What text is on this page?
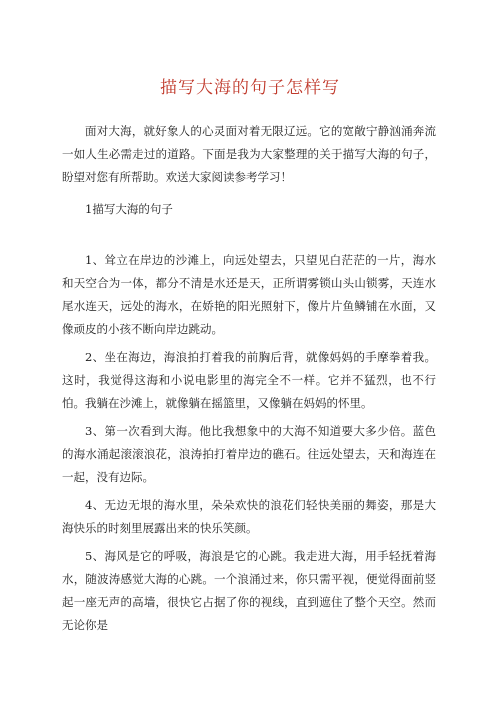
描写大海的句子怎样写

面对大海，就好象人的心灵面对着无限辽远。它的宽敞宁静汹涌奔流一如人生必需走过的道路。下面是我为大家整理的关于描写大海的句子，盼望对您有所帮助。欢送大家阅读参考学习！

1描写大海的句子

1、耸立在岸边的沙滩上，向远处望去，只望见白茫茫的一片，海水和天空合为一体，都分不清是水还是天，正所谓雾锁山头山锁雾，天连水尾水连天，远处的海水，在娇艳的阳光照射下，像片片鱼鳞铺在水面，又像顽皮的小孩不断向岸边跳动。

2、坐在海边，海浪拍打着我的前胸后背，就像妈妈的手摩拳着我。这时，我觉得这海和小说电影里的海完全不一样。它并不猛烈，也不行怕。我躺在沙滩上，就像躺在摇篮里，又像躺在妈妈的怀里。

3、第一次看到大海。他比我想象中的大海不知道要大多少倍。蓝色的海水涌起滚滚浪花，浪涛拍打着岸边的礁石。往远处望去，天和海连在一起，没有边际。

4、无边无垠的海水里，朵朵欢快的浪花们轻快美丽的舞姿，那是大海快乐的时刻里展露出来的快乐笑颜。

5、海风是它的呼吸，海浪是它的心跳。我走进大海，用手轻抚着海水，随波涛感觉大海的心跳。一个浪涌过来，你只需平视，便觉得面前竖起一座无声的高墙，很快它占据了你的视线，直到遮住了整个天空。然而无论你是
